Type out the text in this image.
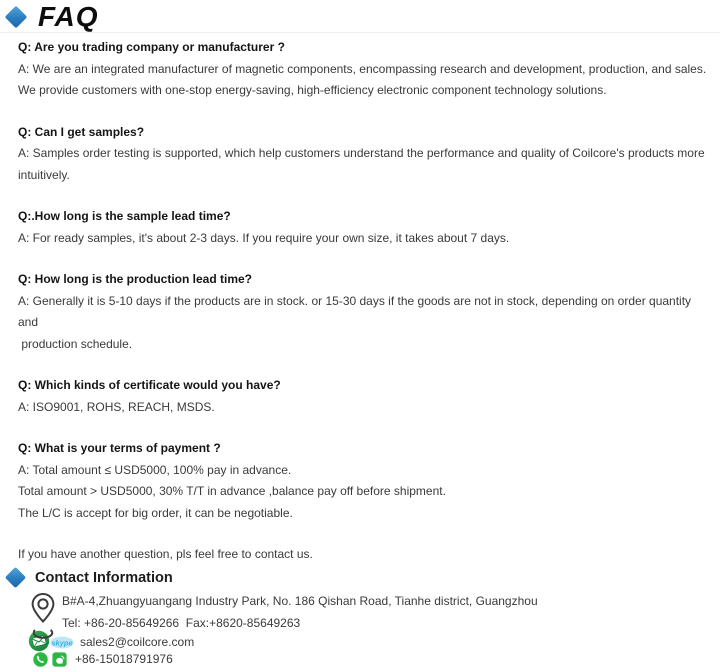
FAQ
Q: Are you trading company or manufacturer ?
A: We are an integrated manufacturer of magnetic components, encompassing research and development, production, and sales.
We provide customers with one-stop energy-saving, high-efficiency electronic component technology solutions.
Q: Can I get samples?
A: Samples order testing is supported, which help customers understand the performance and quality of Coilcore's products more
intuitively.
Q:.How long is the sample lead time?
A: For ready samples, it's about 2-3 days. If you require your own size, it takes about 7 days.
Q: How long is the production lead time?
A: Generally it is 5-10 days if the products are in stock. or 15-30 days if the goods are not in stock, depending on order quantity and
production schedule.
Q: Which kinds of certificate would you have?
A: ISO9001, ROHS, REACH, MSDS.
Q: What is your terms of payment ?
A: Total amount ≤ USD5000, 100% pay in advance.
Total amount > USD5000, 30% T/T in advance ,balance pay off before shipment.
The L/C is accept for big order, it can be negotiable.
If you have another question, pls feel free to contact us.
Contact Information
B#A-4,Zhuangyuangang Industry Park, No. 186 Qishan Road, Tianhe district, Guangzhou
Tel: +86-20-85649266  Fax:+8620-85649263
skype sales2@coilcore.com
+86-15018791976
